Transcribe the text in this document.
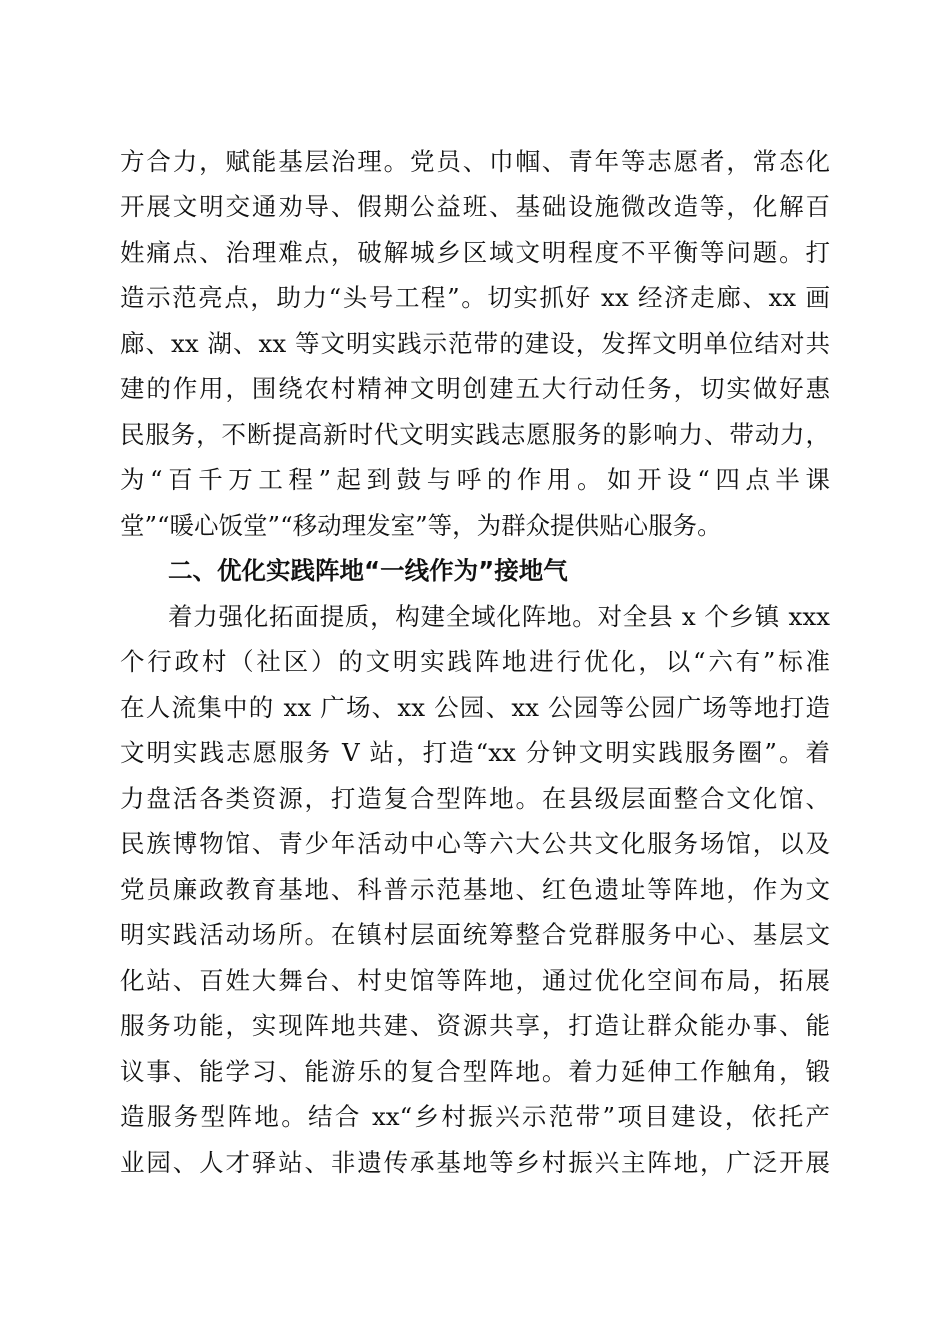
方合力，赋能基层治理。党员、巾帼、青年等志愿者，常态化
开展文明交通劝导、假期公益班、基础设施微改造等，化解百
姓痛点、治理难点，破解城乡区域文明程度不平衡等问题。打
造示范亮点，助力“头号工程”。切实抓好 xx 经济走廊、xx 画
廊、xx 湖、xx 等文明实践示范带的建设，发挥文明单位结对共
建的作用，围绕农村精神文明创建五大行动任务，切实做好惠
民服务，不断提高新时代文明实践志愿服务的影响力、带动力，
为“百千万工程”起到鼓与呼的作用。如开设“四点半课
堂”“暖心饭堂”“移动理发室”等，为群众提供贴心服务。
二、优化实践阵地“一线作为”接地气
着力强化拓面提质，构建全域化阵地。对全县 x 个乡镇 xxx
个行政村（社区）的文明实践阵地进行优化，以“六有”标准
在人流集中的 xx 广场、xx 公园、xx 公园等公园广场等地打造
文明实践志愿服务 V 站，打造“xx 分钟文明实践服务圈”。着
力盘活各类资源，打造复合型阵地。在县级层面整合文化馆、
民族博物馆、青少年活动中心等六大公共文化服务场馆，以及
党员廉政教育基地、科普示范基地、红色遗址等阵地，作为文
明实践活动场所。在镇村层面统筹整合党群服务中心、基层文
化站、百姓大舞台、村史馆等阵地，通过优化空间布局，拓展
服务功能，实现阵地共建、资源共享，打造让群众能办事、能
议事、能学习、能游乐的复合型阵地。着力延伸工作触角，锻
造服务型阵地。结合 xx“乡村振兴示范带”项目建设，依托产
业园、人才驿站、非遗传承基地等乡村振兴主阵地，广泛开展
